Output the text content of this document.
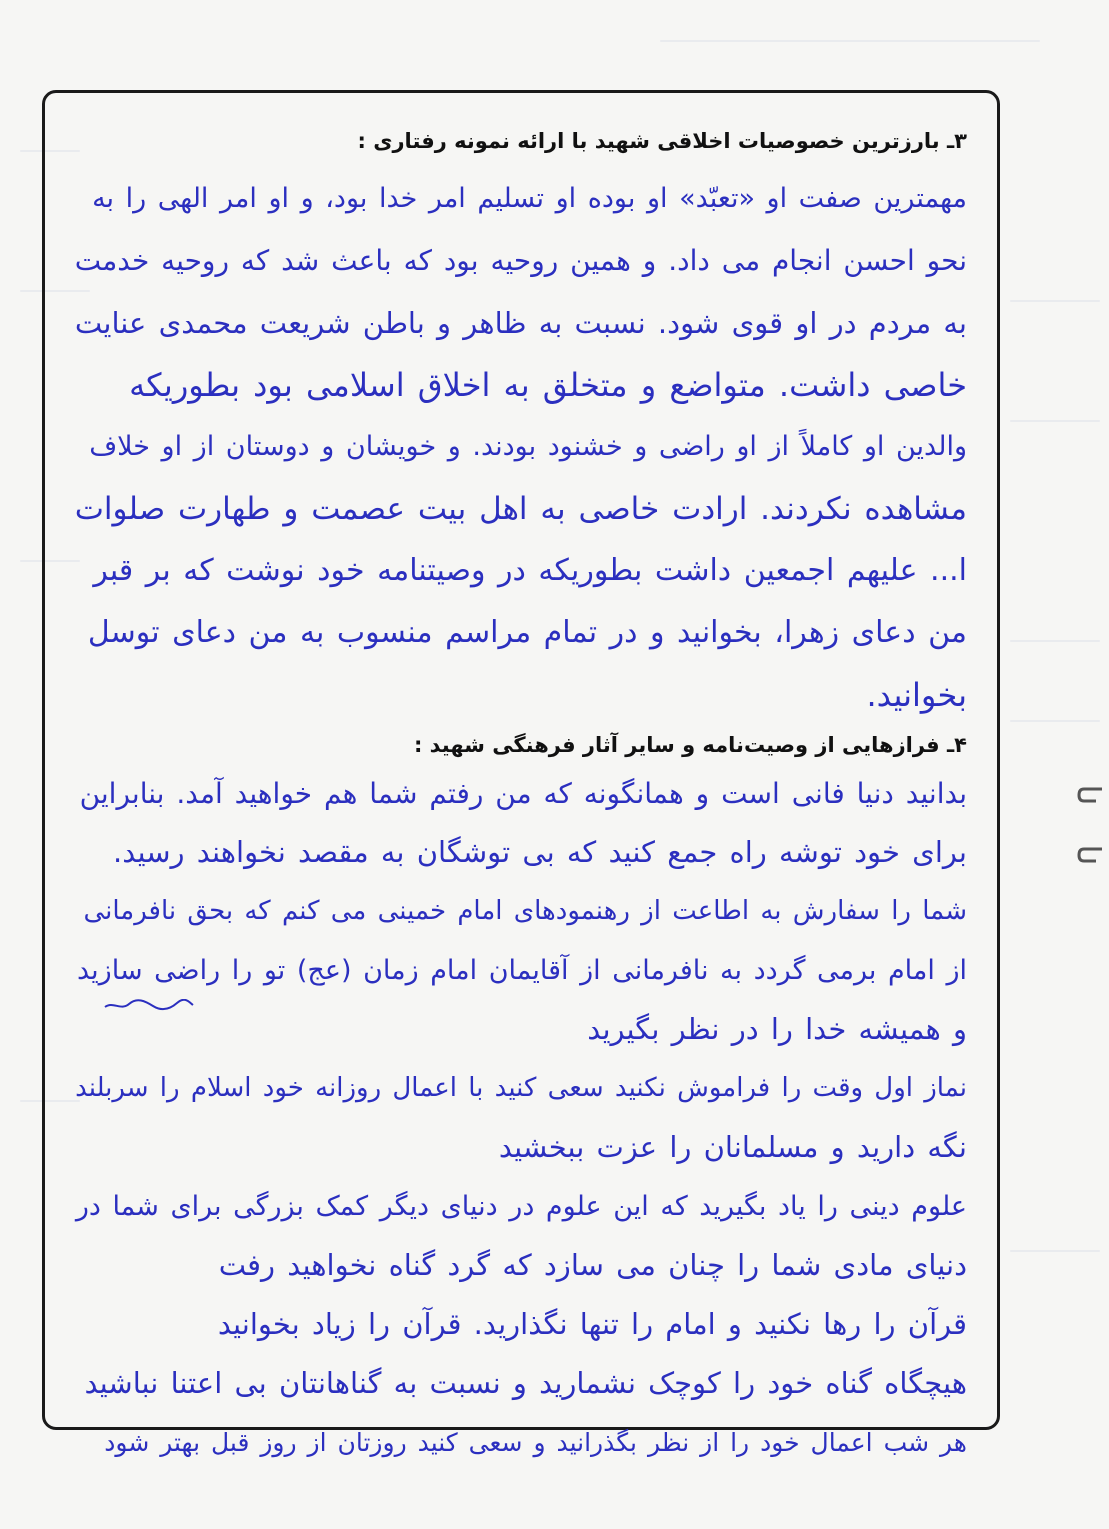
۳ـ بارزترین خصوصیات اخلاقی شهید با ارائه نمونه رفتاری :

مهمترین صفت او «تعبّد» او بوده او تسلیم امر خدا بود، و او امر الهی را به
نحو احسن انجام می داد. و همین روحیه بود که باعث شد که روحیه خدمت
به مردم در او قوی شود. نسبت به ظاهر و باطن شریعت محمدی عنایت
خاصی داشت. متواضع و متخلق به اخلاق اسلامی بود بطوریکه
والدین او کاملاً از او راضی و خشنود بودند. و خویشان و دوستان از او خلاف
مشاهده نکردند. ارادت خاصی به اهل بیت عصمت و طهارت صلوات
ا... علیهم اجمعین داشت بطوریکه در وصیتنامه خود نوشت که بر قبر
من دعای زهرا، بخوانید و در تمام مراسم منسوب به من دعای توسل
بخوانید.

۴ـ فرازهایی از وصیت‌نامه و سایر آثار فرهنگی شهید :

بدانید دنیا فانی است و همانگونه که من رفتم شما هم خواهید آمد. بنابراین
برای خود توشه راه جمع کنید که بی توشگان به مقصد نخواهند رسید.
شما را سفارش به اطاعت از رهنمودهای امام خمینی می کنم که بحق نافرمانی
از امام برمی گردد به نافرمانی از آقایمان امام زمان (عج) تو را راضی سازید
و همیشه خدا را در نظر بگیرید
نماز اول وقت را فراموش نکنید سعی کنید با اعمال روزانه خود اسلام را سربلند
نگه دارید و مسلمانان را عزت ببخشید
علوم دینی را یاد بگیرید که این علوم در دنیای دیگر کمک بزرگی برای شما در
دنیای مادی شما را چنان می سازد که گرد گناه نخواهید رفت
قرآن را رها نکنید و امام را تنها نگذارید. قرآن را زیاد بخوانید
هیچگاه گناه خود را کوچک نشمارید و نسبت به گناهانتان بی اعتنا نباشید
هر شب اعمال خود را از نظر بگذرانید و سعی کنید روزتان از روز قبل بهتر شود
